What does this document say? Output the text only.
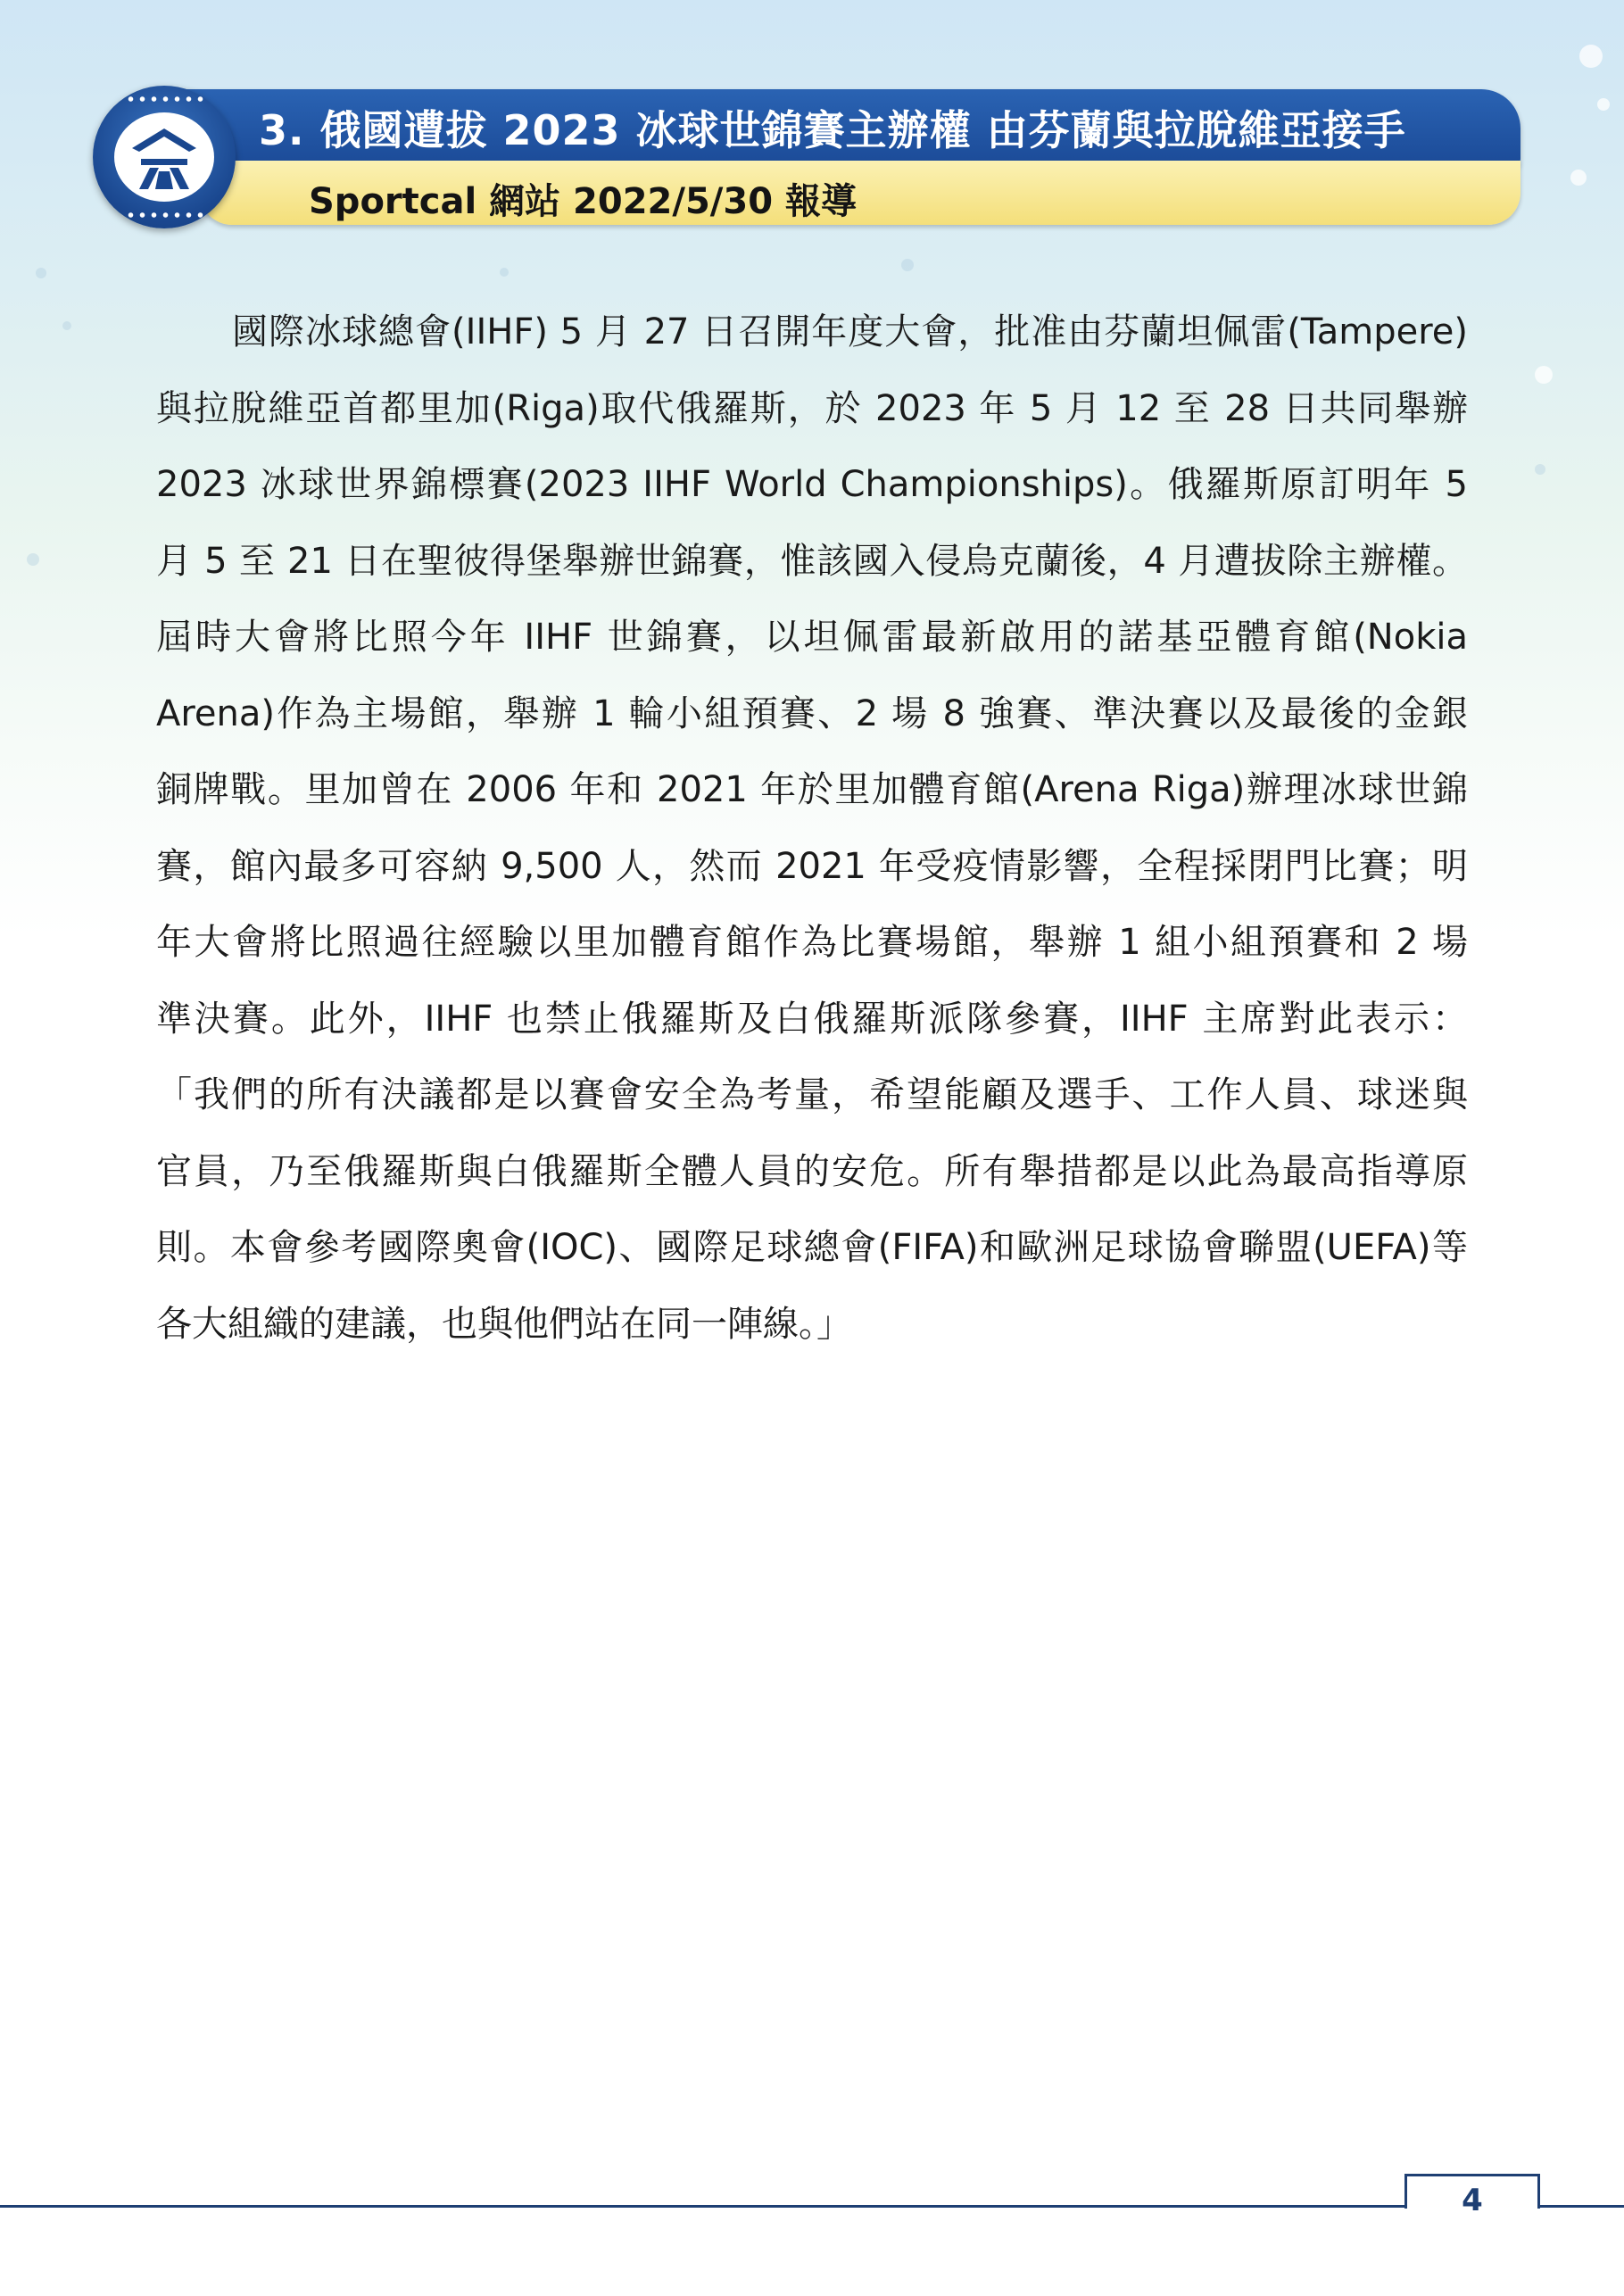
3. 俄國遭拔 2023 冰球世錦賽主辦權 由芬蘭與拉脫維亞接手
Sportcal 網站 2022/5/30 報導
國際冰球總會(IIHF) 5 月 27 日召開年度大會，批准由芬蘭坦佩雷(Tampere)
與拉脫維亞首都里加(Riga)取代俄羅斯，於 2023 年 5 月 12 至 28 日共同舉辦
2023 冰球世界錦標賽(2023 IIHF World Championships)。俄羅斯原訂明年 5
月 5 至 21 日在聖彼得堡舉辦世錦賽，惟該國入侵烏克蘭後，4 月遭拔除主辦權。
屆時大會將比照今年 IIHF 世錦賽，以坦佩雷最新啟用的諾基亞體育館(Nokia
Arena)作為主場館，舉辦 1 輪小組預賽、2 場 8 強賽、準決賽以及最後的金銀
銅牌戰。里加曾在 2006 年和 2021 年於里加體育館(Arena Riga)辦理冰球世錦
賽，館內最多可容納 9,500 人，然而 2021 年受疫情影響，全程採閉門比賽；明
年大會將比照過往經驗以里加體育館作為比賽場館，舉辦 1 組小組預賽和 2 場
準決賽。此外，IIHF 也禁止俄羅斯及白俄羅斯派隊參賽，IIHF 主席對此表示：
「我們的所有決議都是以賽會安全為考量，希望能顧及選手、工作人員、球迷與
官員，乃至俄羅斯與白俄羅斯全體人員的安危。所有舉措都是以此為最高指導原
則。本會參考國際奧會(IOC)、國際足球總會(FIFA)和歐洲足球協會聯盟(UEFA)等
各大組織的建議，也與他們站在同一陣線。」
4
